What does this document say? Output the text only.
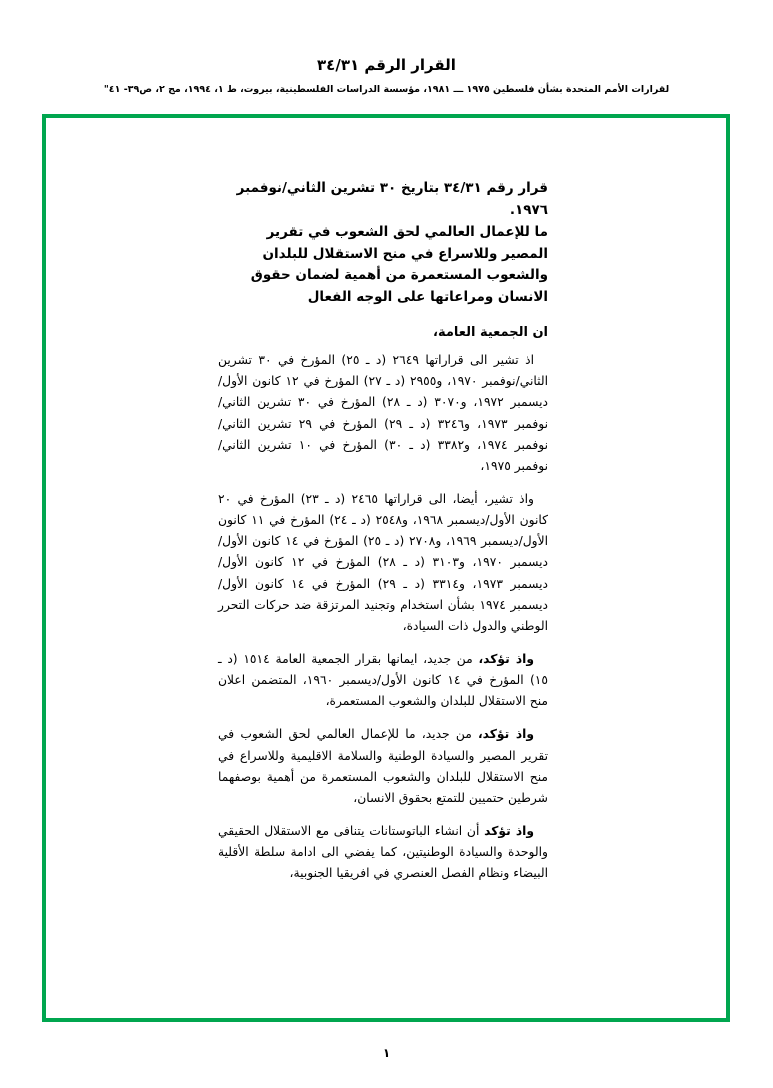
القرار الرقم ٣٤/٣١
لقرارات الأمم المتحدة بشأن فلسطين ١٩٧٥ ـــ ١٩٨١، مؤسسة الدراسات الفلسطينية، بيروت، ط ١، ١٩٩٤، مج ٢، ص٣٩- ٤١"
قرار رقم ٣٤/٣١ بتاريخ ٣٠ تشرين الثاني/نوفمبر ١٩٧٦.
ما للإعمال العالمي لحق الشعوب في تقرير
المصير وللاسراع في منح الاستقلال للبلدان
والشعوب المستعمرة من أهمية لضمان حقوق
الانسان ومراعاتها على الوجه الفعال
ان الجمعية العامة،

اذ تشير الى قراراتها ٢٦٤٩ (د ـ ٢٥) المؤرخ في ٣٠ تشرين الثاني/نوفمبر ١٩٧٠، و٢٩٥٥ (د ـ ٢٧) المؤرخ في ١٢ كانون الأول/ ديسمبر ١٩٧٢، و٣٠٧٠ (د ـ ٢٨) المؤرخ في ٣٠ تشرين الثاني/ نوفمبر ١٩٧٣، و٣٢٤٦ (د ـ ٢٩) المؤرخ في ٢٩ تشرين الثاني/نوفمبر ١٩٧٤، و٣٣٨٢ (د ـ ٣٠) المؤرخ في ١٠ تشرين الثاني/نوفمبر ١٩٧٥،

واذ تشير، أيضا، الى قراراتها ٢٤٦٥ (د ـ ٢٣) المؤرخ في ٢٠ كانون الأول/ديسمبر ١٩٦٨، و٢٥٤٨ (د ـ ٢٤) المؤرخ في ١١ كانون الأول/ديسمبر ١٩٦٩، و٢٧٠٨ (د ـ ٢٥) المؤرخ في ١٤ كانون الأول/ديسمبر ١٩٧٠، و٣١٠٣ (د ـ ٢٨) المؤرخ في ١٢ كانون الأول/ديسمبر ١٩٧٣، و٣٣١٤ (د ـ ٢٩) المؤرخ في ١٤ كانون الأول/ديسمبر ١٩٧٤ بشأن استخدام وتجنيد المرتزقة ضد حركات التحرر الوطني والدول ذات السيادة،

واذ تؤكد، من جديد، ايمانها بقرار الجمعية العامة ١٥١٤ (د ـ ١٥) المؤرخ في ١٤ كانون الأول/ديسمبر ١٩٦٠، المتضمن اعلان منح الاستقلال للبلدان والشعوب المستعمرة،

واذ تؤكد، من جديد، ما للإعمال العالمي لحق الشعوب في تقرير المصير والسيادة الوطنية والسلامة الاقليمية وللاسراع في منح الاستقلال للبلدان والشعوب المستعمرة من أهمية بوصفهما شرطين حتميين للتمتع بحقوق الانسان،

واذ تؤكد أن انشاء الباتوستانات يتنافى مع الاستقلال الحقيقي والوحدة والسيادة الوطنيتين، كما يفضي الى ادامة سلطة الأقلية البيضاء ونظام الفصل العنصري في افريقيا الجنوبية،

١
